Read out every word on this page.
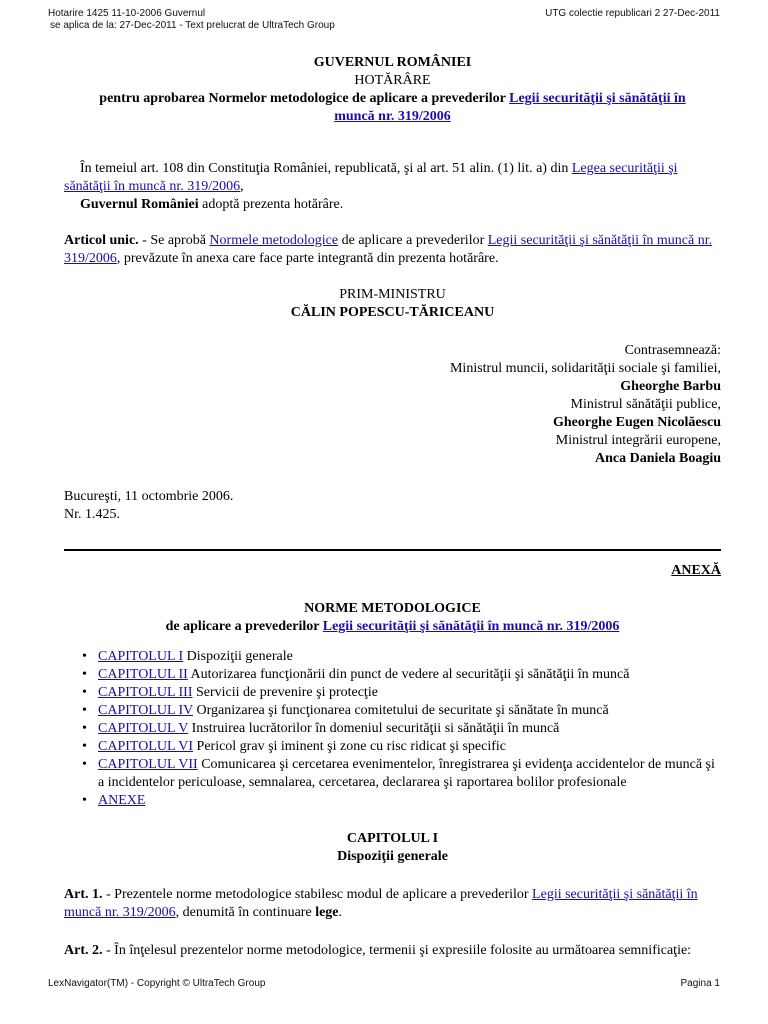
Hotarire 1425 11-10-2006 Guvernul
se aplica de la: 27-Dec-2011 - Text prelucrat de UltraTech Group
UTG colectie republicari 2 27-Dec-2011

GUVERNUL ROMÂNIEI

HOTĂRÂRE

pentru aprobarea Normelor metodologice de aplicare a prevederilor Legii securităţii şi sănătăţii în muncă nr. 319/2006

În temeiul art. 108 din Constituţia României, republicată, şi al art. 51 alin. (1) lit. a) din Legea securităţii şi sănătăţii în muncă nr. 319/2006,

Guvernul României adoptă prezenta hotărâre.

Articol unic. - Se aprobă Normele metodologice de aplicare a prevederilor Legii securităţii şi sănătăţii în muncă nr. 319/2006, prevăzute în anexa care face parte integrantă din prezenta hotărâre.

PRIM-MINISTRU

CĂLIN POPESCU-TĂRICEANU

Contrasemnează:

Ministrul muncii, solidarităţii sociale şi familiei,

Gheorghe Barbu

Ministrul sănătăţii publice,

Gheorghe Eugen Nicolăescu

Ministrul integrării europene,

Anca Daniela Boagiu

Bucureşti, 11 octombrie 2006.

Nr. 1.425.

ANEXĂ

NORME METODOLOGICE

de aplicare a prevederilor Legii securităţii şi sănătăţii în muncă nr. 319/2006

• CAPITOLUL I Dispoziţii generale
• CAPITOLUL II Autorizarea funcţionării din punct de vedere al securităţii şi sănătăţii în muncă
• CAPITOLUL III Servicii de prevenire şi protecţie
• CAPITOLUL IV Organizarea şi funcţionarea comitetului de securitate şi sănătate în muncă
• CAPITOLUL V Instruirea lucrătorilor în domeniul securităţii si sănătăţii în muncă
• CAPITOLUL VI Pericol grav şi iminent şi zone cu risc ridicat şi specific
• CAPITOLUL VII Comunicarea şi cercetarea evenimentelor, înregistrarea şi evidenţa accidentelor de muncă şi a incidentelor periculoase, semnalarea, cercetarea, declararea şi raportarea bolilor profesionale
• ANEXE

CAPITOLUL I

Dispoziţii generale

Art. 1. - Prezentele norme metodologice stabilesc modul de aplicare a prevederilor Legii securităţii şi sănătăţii în muncă nr. 319/2006, denumită în continuare lege.

Art. 2. - În înţelesul prezentelor norme metodologice, termenii şi expresiile folosite au următoarea semnificaţie:

LexNavigator(TM) - Copyright © UltraTech Group	Pagina 1
